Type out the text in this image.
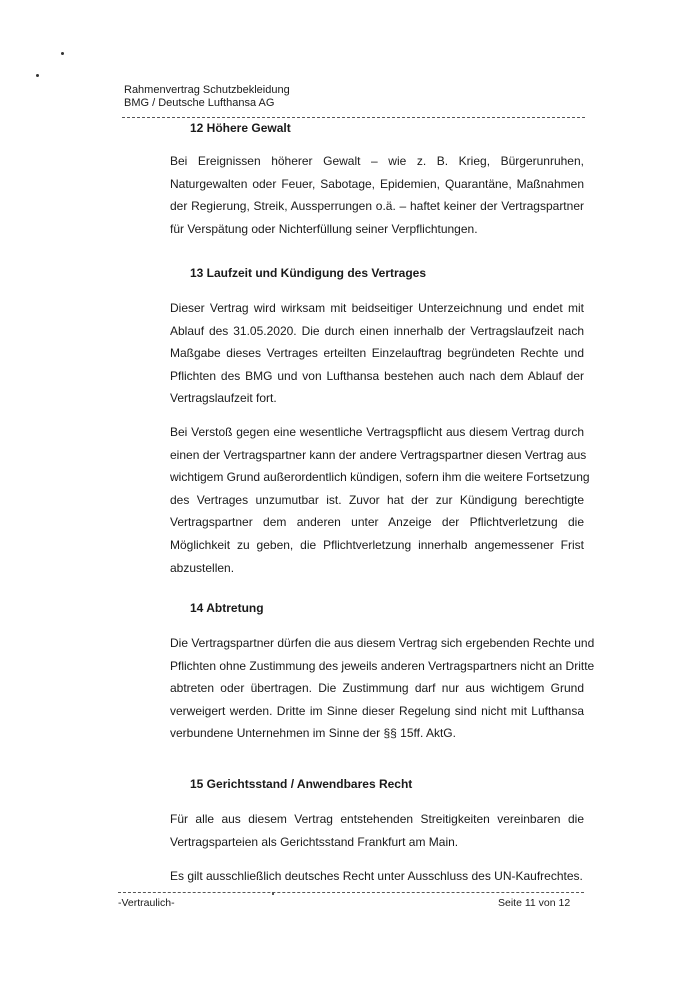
Rahmenvertrag Schutzbekleidung
BMG / Deutsche Lufthansa AG
12 Höhere Gewalt
Bei Ereignissen höherer Gewalt – wie z. B. Krieg, Bürgerunruhen,
Naturgewalten oder Feuer, Sabotage, Epidemien, Quarantäne, Maßnahmen
der Regierung, Streik, Aussperrungen o.ä. – haftet keiner der Vertragspartner
für Verspätung oder Nichterfüllung seiner Verpflichtungen.
13 Laufzeit und Kündigung des Vertrages
Dieser Vertrag wird wirksam mit beidseitiger Unterzeichnung und endet mit
Ablauf des 31.05.2020. Die durch einen innerhalb der Vertragslaufzeit nach
Maßgabe dieses Vertrages erteilten Einzelauftrag begründeten Rechte und
Pflichten des BMG und von Lufthansa bestehen auch nach dem Ablauf der
Vertragslaufzeit fort.
Bei Verstoß gegen eine wesentliche Vertragspflicht aus diesem Vertrag durch
einen der Vertragspartner kann der andere Vertragspartner diesen Vertrag aus
wichtigem Grund außerordentlich kündigen, sofern ihm die weitere Fortsetzung
des Vertrages unzumutbar ist. Zuvor hat der zur Kündigung berechtigte
Vertragspartner dem anderen unter Anzeige der Pflichtverletzung die
Möglichkeit zu geben, die Pflichtverletzung innerhalb angemessener Frist
abzustellen.
14 Abtretung
Die Vertragspartner dürfen die aus diesem Vertrag sich ergebenden Rechte und
Pflichten ohne Zustimmung des jeweils anderen Vertragspartners nicht an Dritte
abtreten oder übertragen. Die Zustimmung darf nur aus wichtigem Grund
verweigert werden. Dritte im Sinne dieser Regelung sind nicht mit Lufthansa
verbundene Unternehmen im Sinne der §§ 15ff. AktG.
15 Gerichtsstand / Anwendbares Recht
Für alle aus diesem Vertrag entstehenden Streitigkeiten vereinbaren die
Vertragsparteien als Gerichtsstand Frankfurt am Main.
Es gilt ausschließlich deutsches Recht unter Ausschluss des UN-Kaufrechtes.
-Vertraulich-	Seite 11 von 12
